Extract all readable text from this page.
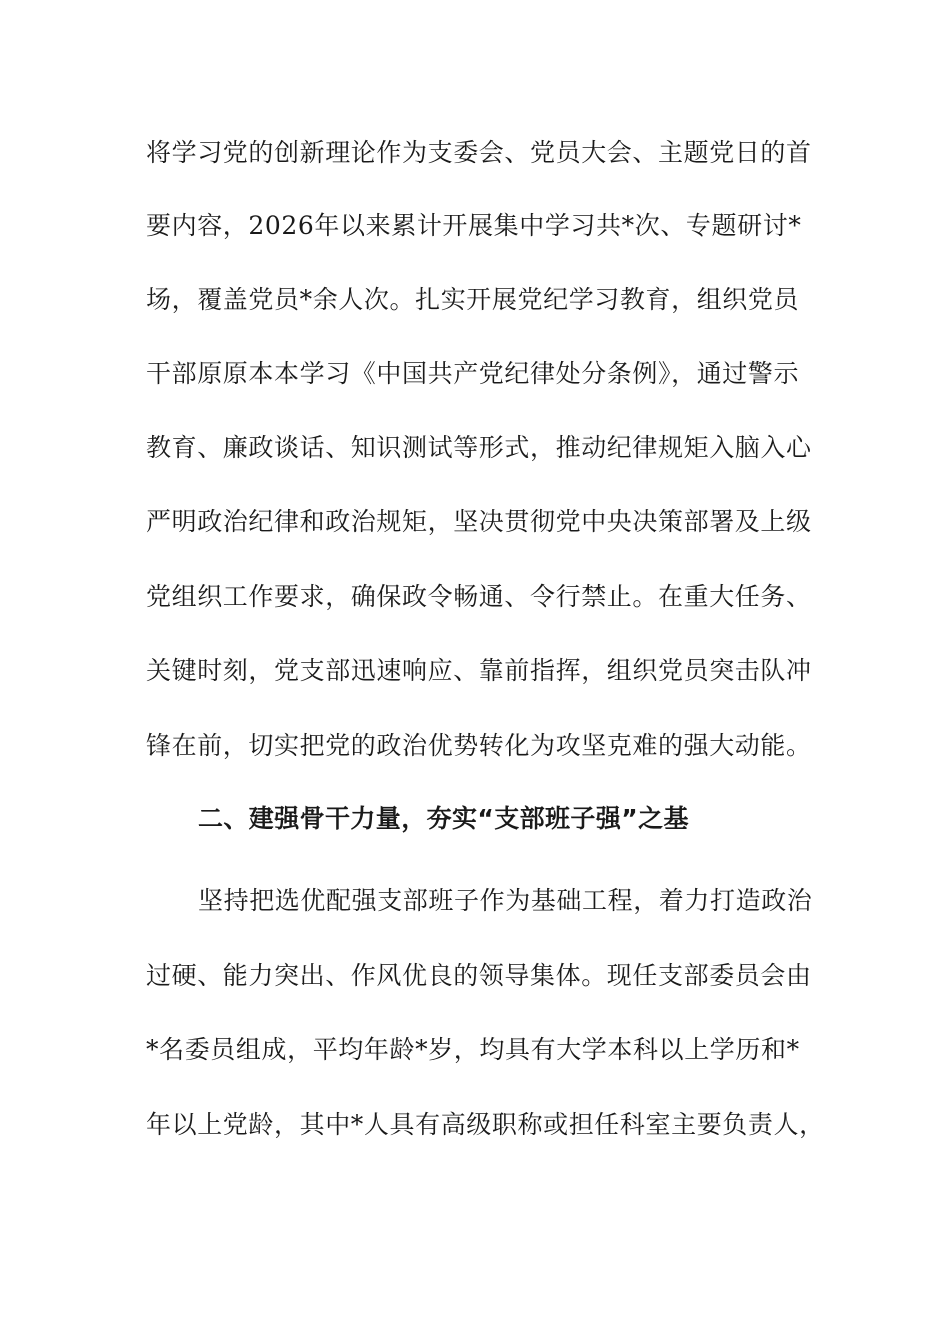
将学习党的创新理论作为支委会、党员大会、主题党日的首
要内容，2026年以来累计开展集中学习共*次、专题研讨*
场，覆盖党员*余人次。扎实开展党纪学习教育，组织党员
干部原原本本学习《中国共产党纪律处分条例》，通过警示
教育、廉政谈话、知识测试等形式，推动纪律规矩入脑入心
严明政治纪律和政治规矩，坚决贯彻党中央决策部署及上级
党组织工作要求，确保政令畅通、令行禁止。在重大任务、
关键时刻，党支部迅速响应、靠前指挥，组织党员突击队冲
锋在前，切实把党的政治优势转化为攻坚克难的强大动能。
二、建强骨干力量，夯实“支部班子强”之基
坚持把选优配强支部班子作为基础工程，着力打造政治
过硬、能力突出、作风优良的领导集体。现任支部委员会由
*名委员组成，平均年龄*岁，均具有大学本科以上学历和*
年以上党龄，其中*人具有高级职称或担任科室主要负责人，
